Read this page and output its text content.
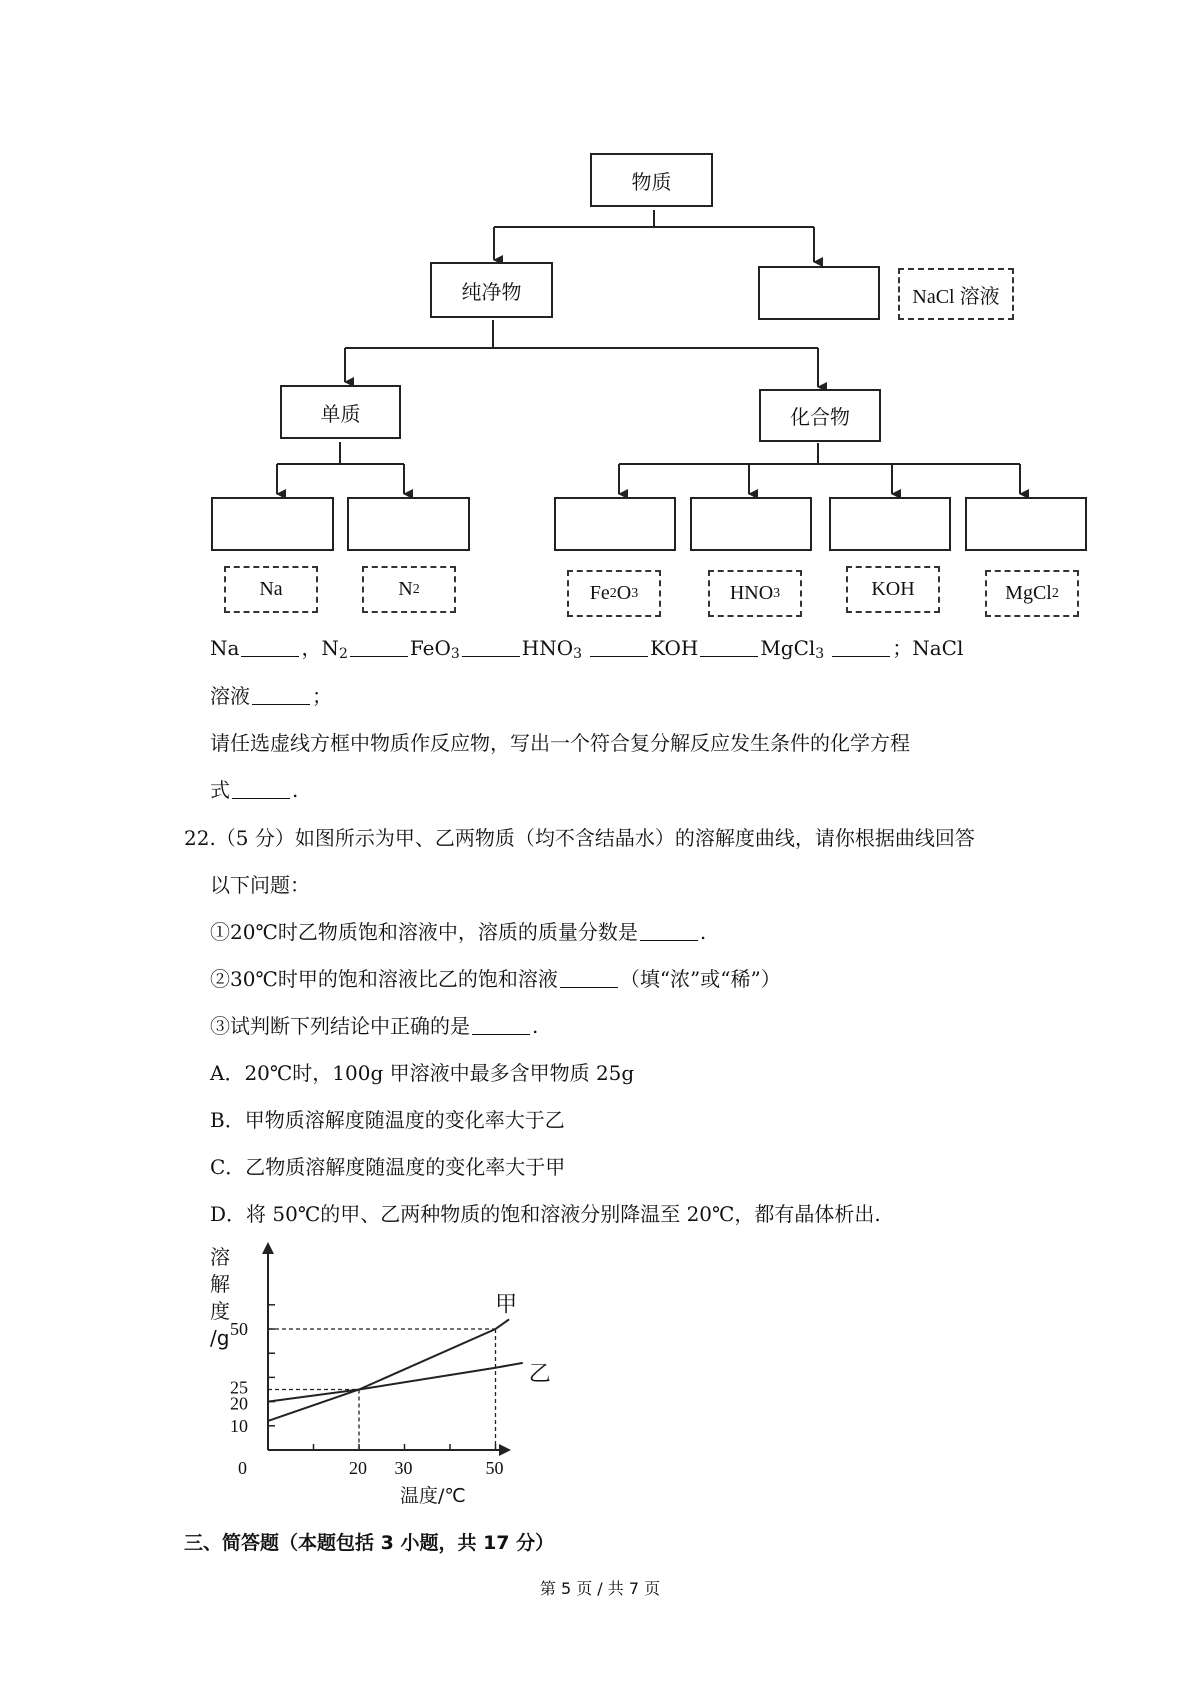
物质
纯净物	NaCl 溶液
单质	化合物
Na	N 2	Fe 2 O 3	HNO 3	KOH	MgCl 2
Na	，$N_2$	FeO$_3$	$HNO_3$	KOH	MgCl$_3$	；NaCl
溶液	；
请任选虚线方框中物质作反应物，写出一个符合复分解反应发生条件的化学方程
式	.
22.（5 分）如图所示为甲、乙两物质（均不含结晶水）的溶解度曲线，请你根据曲线回答
以下问题：
①20℃时乙物质饱和溶液中，溶质的质量分数是	.
②30℃时甲的饱和溶液比乙的饱和溶液	（填“浓”或“稀”）
③试判断下列结论中正确的是	.
A．20℃时，100g 甲溶液中最多含甲物质 25g
B．甲物质溶解度随温度的变化率大于乙
C．乙物质溶解度随温度的变化率大于甲
D．将 50℃的甲、乙两种物质的饱和溶液分别降温至 20℃，都有晶体析出.
甲
乙
10
20
25
50
0	20 30	50
溶
解
度
/g
温度/℃
三、简答题（本题包括 3 小题，共 17 分）
第 5 页 / 共 7 页
